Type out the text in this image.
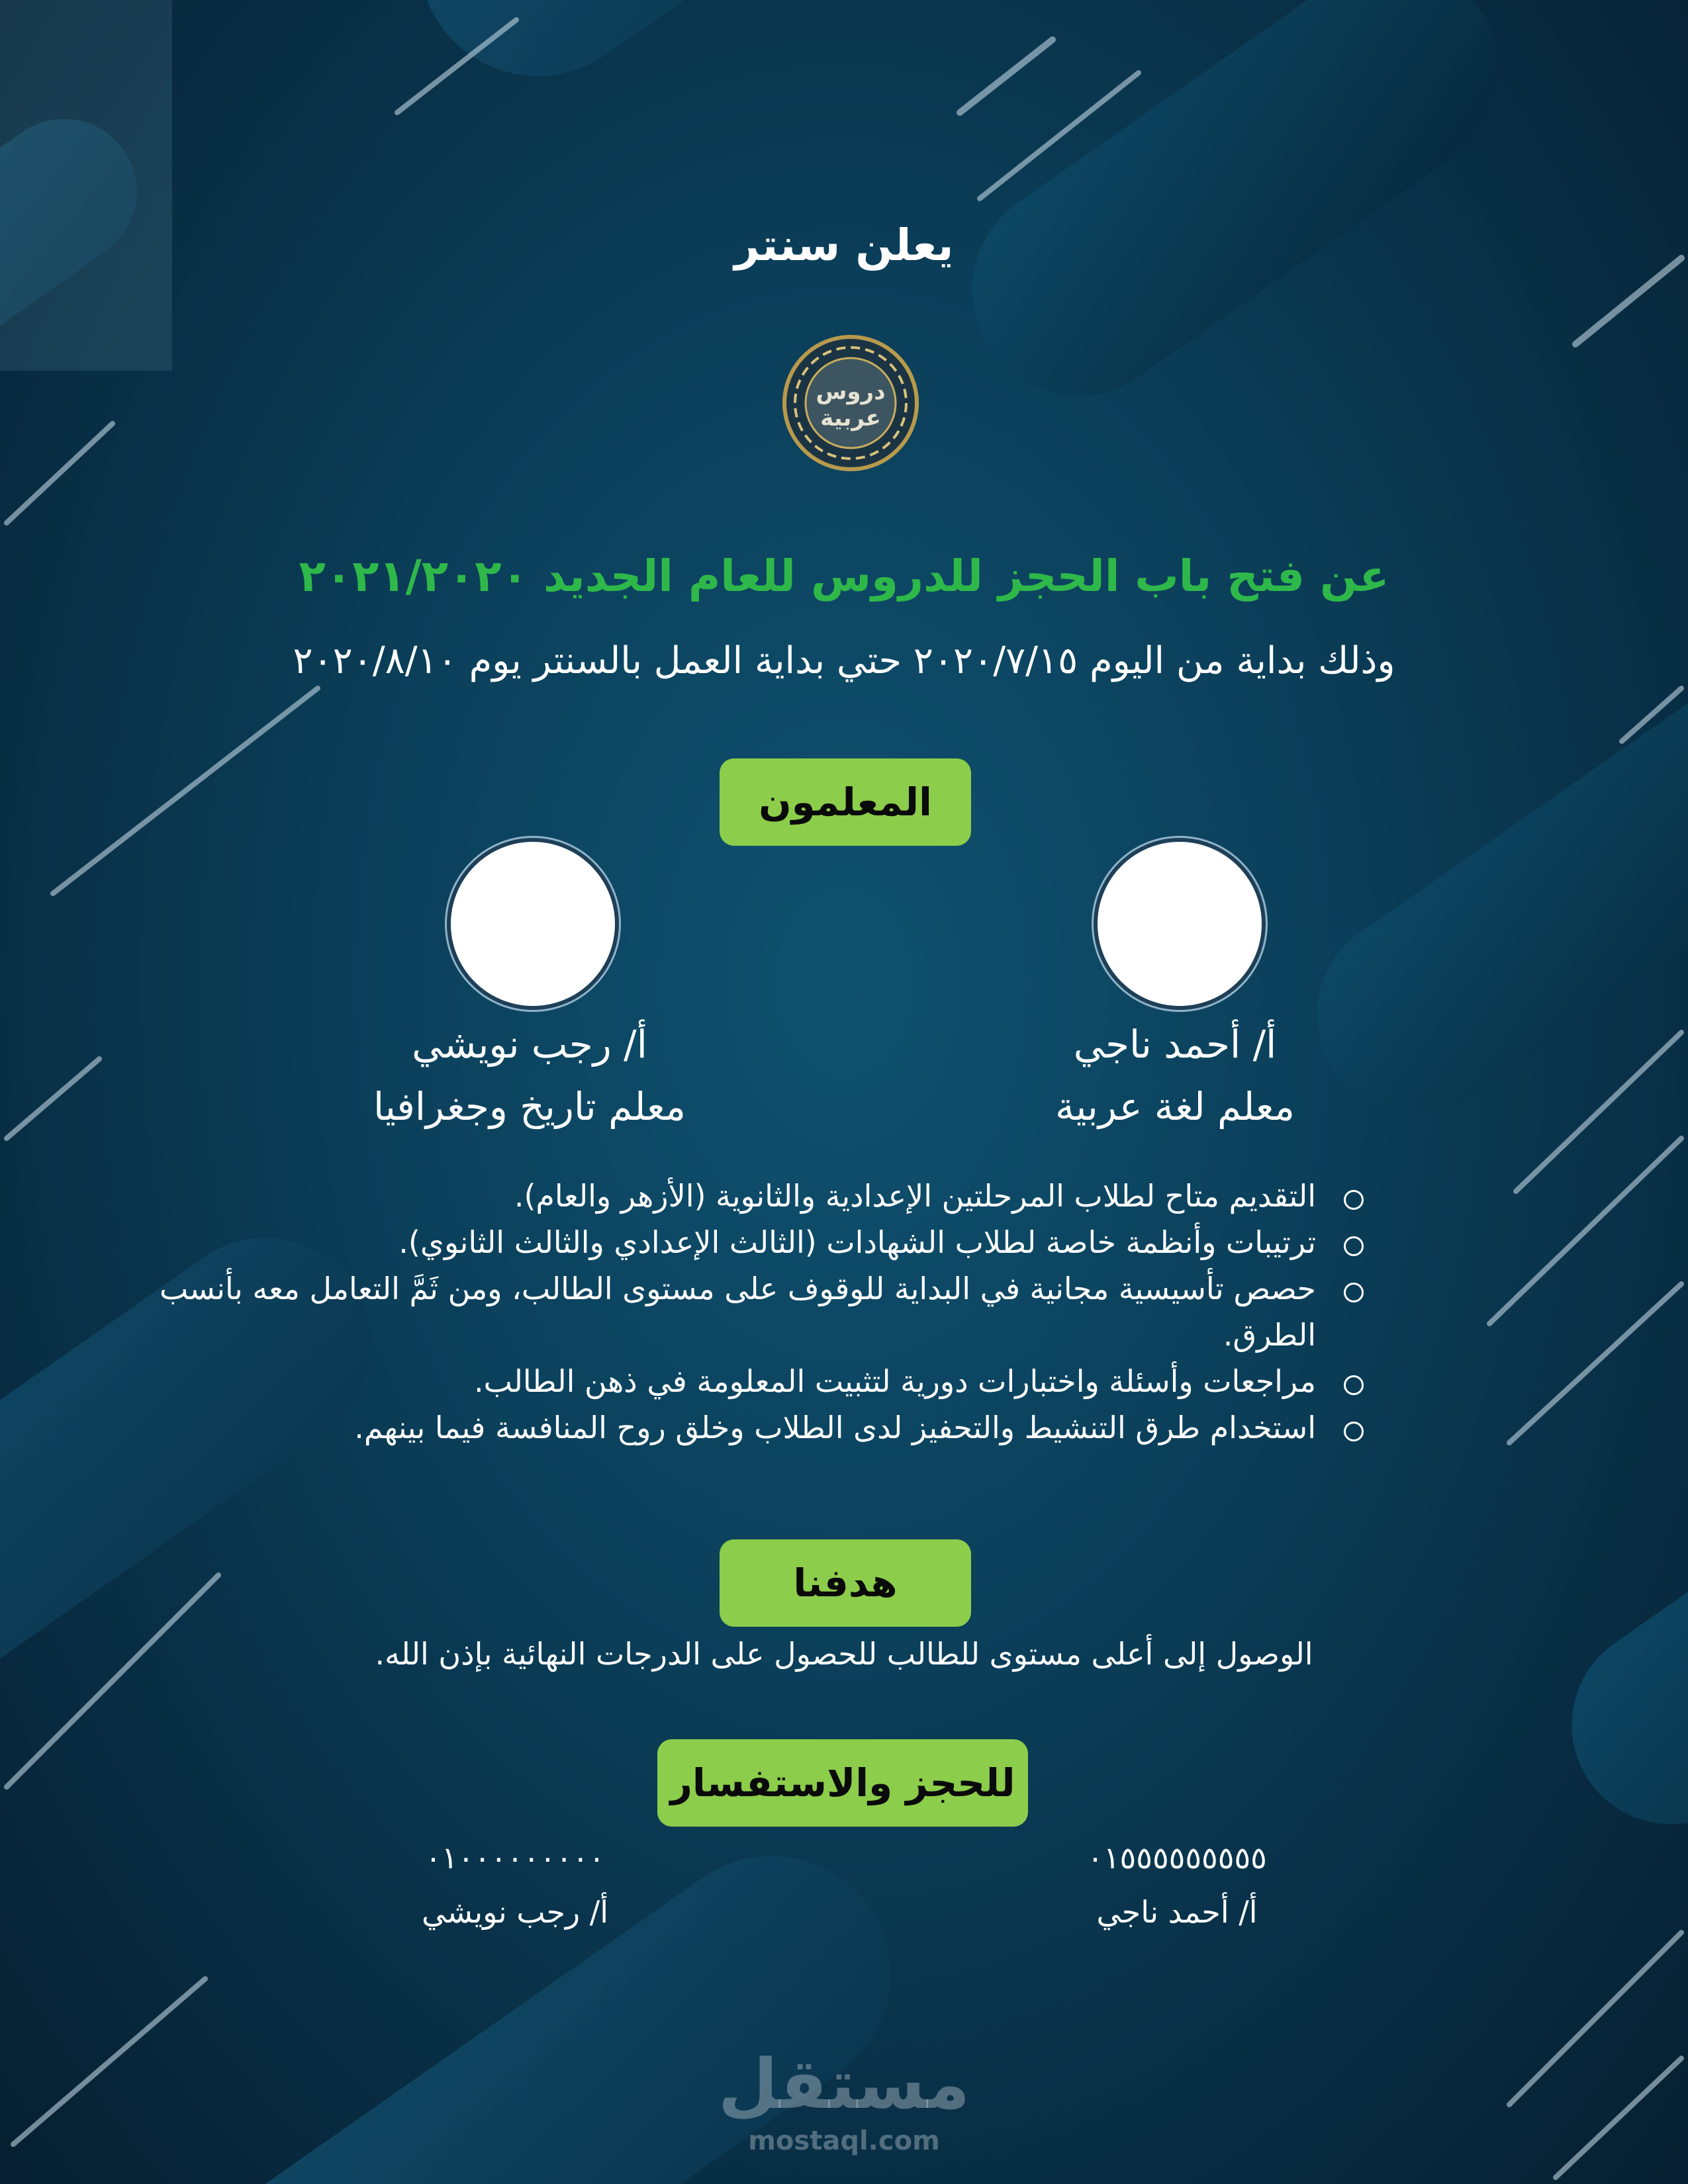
يعلن سنتر
دروس
عربية
عن فتح باب الحجز للدروس للعام الجديد ٢٠٢١/٢٠٢٠
وذلك بداية من اليوم ٢٠٢٠/٧/١٥ حتي بداية العمل بالسنتر يوم ٢٠٢٠/٨/١٠
المعلمون
أ/ أحمد ناجي
معلم لغة عربية
أ/ رجب نويشي
معلم تاريخ وجغرافيا
التقديم متاح لطلاب المرحلتين الإعدادية والثانوية (الأزهر والعام).
ترتيبات وأنظمة خاصة لطلاب الشهادات (الثالث الإعدادي والثالث الثانوي).
حصص تأسيسية مجانية في البداية للوقوف على مستوى الطالب، ومن ثَمَّ التعامل معه بأنسب الطرق.
مراجعات وأسئلة واختبارات دورية لتثبيت المعلومة في ذهن الطالب.
استخدام طرق التنشيط والتحفيز لدى الطلاب وخلق روح المنافسة فيما بينهم.
هدفنا
الوصول إلى أعلى مستوى للطالب للحصول على الدرجات النهائية بإذن الله.
للحجز والاستفسار
٠١٥٥٥٥٥٥٥٥٥
أ/ أحمد ناجي
٠١٠٠٠٠٠٠٠٠٠
أ/ رجب نويشي
مستقل
mostaql.com
